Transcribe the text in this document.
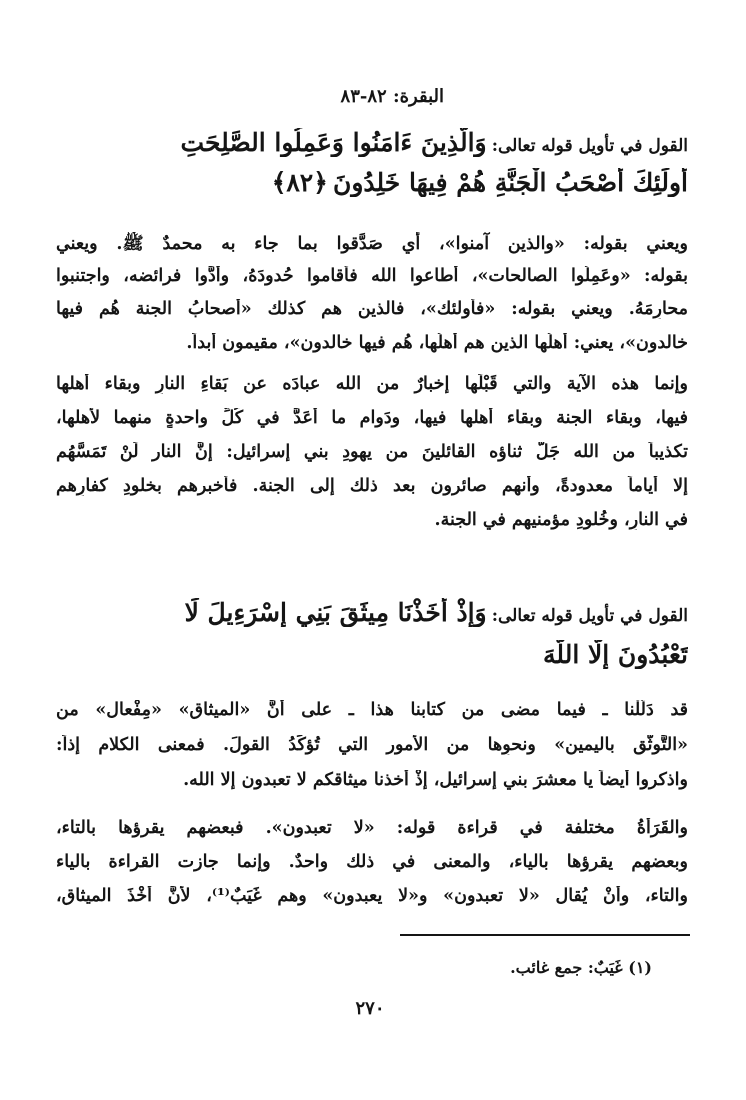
البقرة: ٨٢-٨٣
القول في تأويل قوله تعالى: وَالَّذِينَ ءَامَنُوا وَعَمِلُوا الصَّلِحَتِ
أُولَئِكَ أَصْحَبُ الْجَنَّةِ هُمْ فِيهَا خَلِدُونَ ﴿٨٢﴾
ويعني بقوله: «والذين آمنوا»، أي صَدَّقوا بما جاء به محمدٌ ﷺ. ويعني
بقوله: «وعَمِلُوا الصالحات»، أطاعوا الله فأقاموا حُدودَهُ، وأدَّوا فرائضه، واجتنبوا
محارِمَهُ. ويعني بقوله: «فأولئك»، فالذين هم كذلك «أصحابُ الجنة هُم فيها
خالدون»، يعني: أهلُها الذين هم أهلُها، هُم فيها خالدون»، مقيمون أبداً.
وإنما هذه الآية والتي قَبْلَها إخبارٌ من الله عبادَه عن بَقاءِ النارِ وبقاء أهلها
فيها، وبقاء الجنة وبقاء أهلها فيها، ودَوام ما أعَدَّ في كُلِّ واحدةٍ منهما لأهلها،
تكذيباً من الله جَلَّ ثناؤه القائلينَ من يهودِ بني إسرائيل: إنَّ النار لَنْ تَمَسَّهُم
إلا أياماً معدودةً، وأنهم صائرون بعد ذلك إلى الجنة. فأخبرهم بخلودِ كفارِهم
في النارِ، وخُلودِ مؤمنيهم في الجنة.
القول في تأويل قوله تعالى: وَإِذْ أَخَذْنَا مِيثَقَ بَنِي إِسْرَءِيلَ لَا
تَعْبُدُونَ إِلَّا اللَّهَ
قد دَلَّلْنا ـ فيما مضى من كتابنا هذا ـ على أنَّ «الميثاق» «مِفْعال» من
«التَّوثُّق باليمين» ونحوِها من الأمور التي تُؤكِّدُ القولَ. فمعنى الكلام إذاً:
واذكروا أيضاً يا معشرَ بني إسرائيل، إذْ أخذنا ميثاقكم لا تعبدون إلا الله.
والقَرَأةُ مختلفة في قراءة قوله: «لا تعبدون». فبعضهم يقرؤها بالتاء،
وبعضهم يقرؤها بالياء، والمعنى في ذلك واحدٌ. وإنما جازت القراءة بالياء
والتاء، وأنْ يُقال «لا تعبدون» و«لا يعبدون» وهم غَيَبٌ⁽¹⁾، لأنَّ أخْذَ الميثاق،
(١) غَيَبٌ: جمع غائب.
٢٧٠
